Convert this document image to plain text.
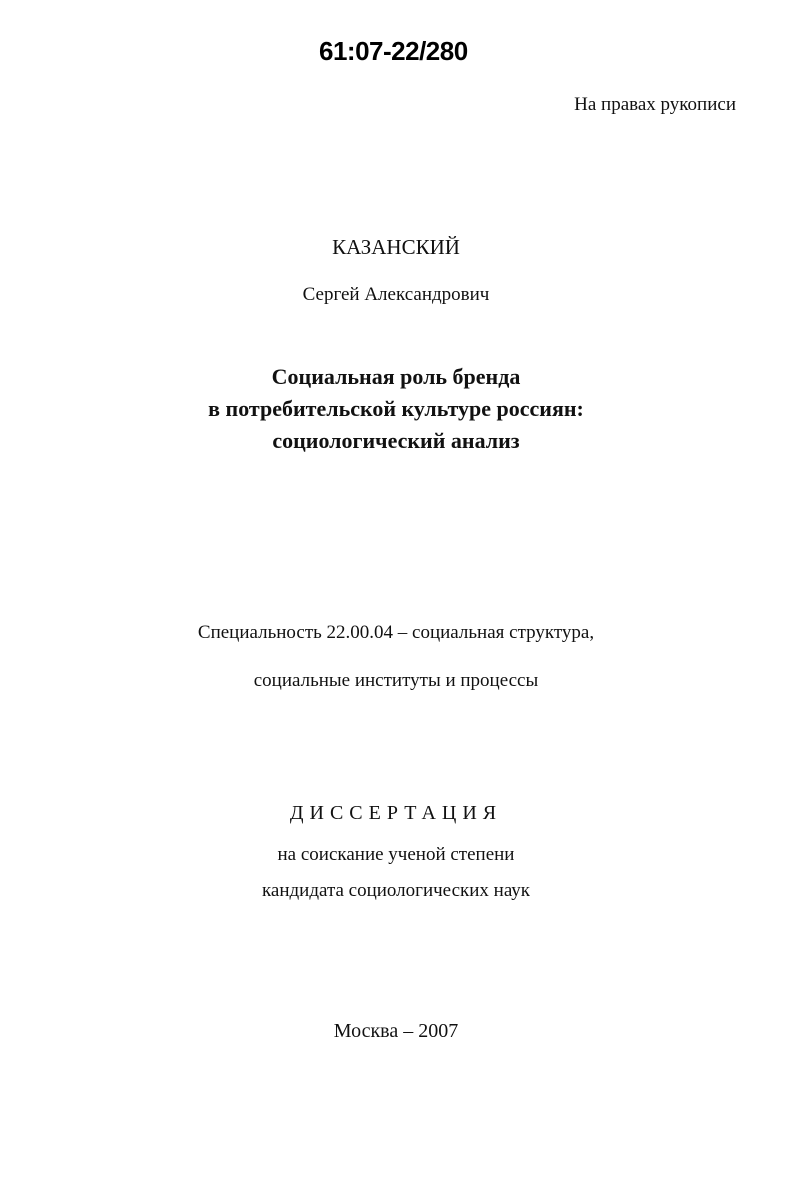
61:07-22/280
На правах рукописи
КАЗАНСКИЙ
Сергей Александрович
Социальная роль бренда
в потребительской культуре россиян:
социологический анализ
Специальность 22.00.04 – социальная структура,
социальные институты и процессы
ДИССЕРТАЦИЯ
на соискание ученой степени
кандидата социологических наук
Москва – 2007
